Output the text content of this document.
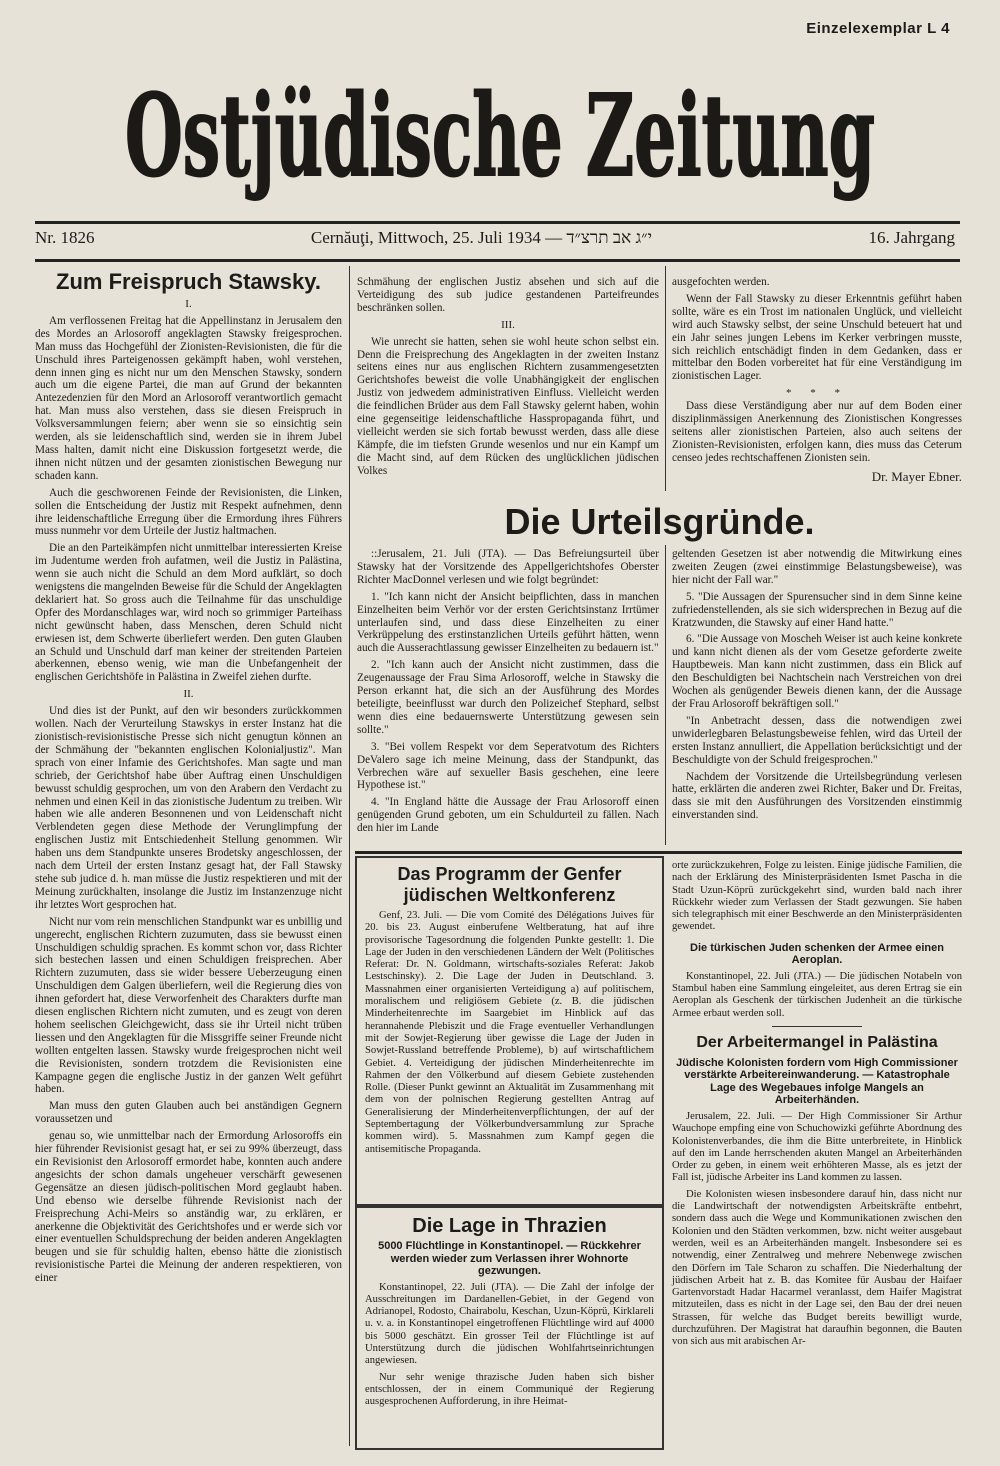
Einzelexemplar L 4
Ostjüdische Zeitung
Nr. 1826	Cernăuţi, Mittwoch, 25. Juli 1934 — י״ג אב תרצ״ד	16. Jahrgang
Zum Freispruch Stawsky.
I.

Am verflossenen Freitag hat die Appellinstanz in Jerusalem den des Mordes an Arlosoroff angeklagten Stawsky freigesprochen. Man muss das Hochgefühl der Zionisten-Revisionisten, die für die Unschuld ihres Parteigenossen gekämpft haben, wohl verstehen, denn innen ging es nicht nur um den Menschen Stawsky, sondern auch um die eigene Partei, die man auf Grund der bekannten Antezedenzien für den Mord an Arlosoroff verantwortlich gemacht hat. Man muss also verstehen, dass sie diesen Freispruch in Volksversammlungen feiern; aber wenn sie so einsichtig sein werden, als sie leidenschaftlich sind, werden sie in ihrem Jubel Mass halten, damit nicht eine Diskussion fortgesetzt werde, die ihnen nicht nützen und der gesamten zionistischen Bewegung nur schaden kann.

Auch die geschworenen Feinde der Revisionisten, die Linken, sollen die Entscheidung der Justiz mit Respekt aufnehmen, denn ihre leidenschaftliche Erregung über die Ermordung ihres Führers muss nunmehr vor dem Urteile der Justiz haltmachen.

Die an den Parteikämpfen nicht unmittelbar interessierten Kreise im Judentume werden froh aufatmen, weil die Justiz in Palästina, wenn sie auch nicht die Schuld an dem Mord aufklärt, so doch wenigstens die mangelnden Beweise für die Schuld der Angeklagten deklariert hat. So gross auch die Teilnahme für das unschuldige Opfer des Mordanschlages war, wird noch so grimmiger Parteihass nicht gewünscht haben, dass Menschen, deren Schuld nicht erwiesen ist, dem Schwerte überliefert werden. Den guten Glauben an Schuld und Unschuld darf man keiner der streitenden Parteien aberkennen, ebenso wenig, wie man die Unbefangenheit der englischen Gerichtshöfe in Palästina in Zweifel ziehen durfte.

II.

Und dies ist der Punkt, auf den wir besonders zurückkommen wollen. Nach der Verurteilung Stawskys in erster Instanz hat die zionistisch-revisionistische Presse sich nicht genugtun können an der Schmähung der "bekannten englischen Kolonialjustiz". Man sprach von einer Infamie des Gerichtshofes. Man sagte und man schrieb, der Gerichtshof habe über Auftrag einen Unschuldigen bewusst schuldig gesprochen, um von den Arabern den Verdacht zu nehmen und einen Keil in das zionistische Judentum zu treiben. Wir haben wie alle anderen Besonnenen und von Leidenschaft nicht Verblendeten gegen diese Methode der Verunglimpfung der englischen Justiz mit Entschiedenheit Stellung genommen. Wir haben uns dem Standpunkte unseres Brodetsky angeschlossen, der nach dem Urteil der ersten Instanz gesagt hat, der Fall Stawsky stehe sub judice d. h. man müsse die Justiz respektieren und mit der Meinung zurückhalten, insolange die Justiz im Instanzenzuge nicht ihr letztes Wort gesprochen hat.

Nicht nur vom rein menschlichen Standpunkt war es unbillig und ungerecht, englischen Richtern zuzumuten, dass sie bewusst einen Unschuldigen schuldig sprachen. Es kommt schon vor, dass Richter sich bestechen lassen und einen Schuldigen freisprechen. Aber Richtern zuzumuten, dass sie wider bessere Ueberzeugung einen Unschuldigen dem Galgen überliefern, weil die Regierung dies von ihnen gefordert hat, diese Verworfenheit des Charakters durfte man diesen englischen Richtern nicht zumuten, und es zeugt von deren hohem seelischen Gleichgewicht, dass sie ihr Urteil nicht trüben liessen und den Angeklagten für die Missgriffe seiner Freunde nicht wollten entgelten lassen. Stawsky wurde freigesprochen nicht weil die Revisionisten, sondern trotzdem die Revisionisten eine Kampagne gegen die englische Justiz in der ganzen Welt geführt haben.

Man muss den guten Glauben auch bei anständigen Gegnern voraussetzen und

genau so, wie unmittelbar nach der Ermordung Arlosoroffs ein hier führender Revisionist gesagt hat, er sei zu 99% überzeugt, dass ein Revisionist den Arlosoroff ermordet habe, konnten auch andere angesichts der schon damals ungeheuer verschärft gewesenen Gegensätze an diesen jüdisch-politischen Mord geglaubt haben. Und ebenso wie derselbe führende Revisionist nach der Freisprechung Achi-Meirs so anständig war, zu erklären, er anerkenne die Objektivität des Gerichtshofes und er werde sich vor einer eventuellen Schuldsprechung der beiden anderen Angeklagten beugen und sie für schuldig halten, ebenso hätte die zionistisch revisionistische Partei die Meinung der anderen respektieren, von einer

Schmähung der englischen Justiz absehen und sich auf die Verteidigung des sub judice gestandenen Parteifreundes beschränken sollen.

III.

Wie unrecht sie hatten, sehen sie wohl heute schon selbst ein. Denn die Freisprechung des Angeklagten in der zweiten Instanz seitens eines nur aus englischen Richtern zusammengesetzten Gerichtshofes beweist die volle Unabhängigkeit der englischen Justiz von jedwedem administrativen Einfluss. Vielleicht werden die feindlichen Brüder aus dem Fall Stawsky gelernt haben, wohin eine gegenseitige leidenschaftliche Hasspropaganda führt, und vielleicht werden sie sich fortab bewusst werden, dass alle diese Kämpfe, die im tiefsten Grunde wesenlos und nur ein Kampf um die Macht sind, auf dem Rücken des unglücklichen jüdischen Volkes

ausgefochten werden.

Wenn der Fall Stawsky zu dieser Erkenntnis geführt haben sollte, wäre es ein Trost im nationalen Unglück, und vielleicht wird auch Stawsky selbst, der seine Unschuld beteuert hat und ein Jahr seines jungen Lebens im Kerker verbringen musste, sich reichlich entschädigt finden in dem Gedanken, dass er mittelbar den Boden vorbereitet hat für eine Verständigung im zionistischen Lager.

* * *

Dass diese Verständigung aber nur auf dem Boden einer disziplinmässigen Anerkennung des Zionistischen Kongresses seitens aller zionistischen Parteien, also auch seitens der Zionisten-Revisionisten, erfolgen kann, dies muss das Ceterum censeo jedes rechtschaffenen Zionisten sein.

Dr. Mayer Ebner.
Die Urteilsgründe.

::Jerusalem, 21. Juli (JTA). — Das Befreiungsurteil über Stawsky hat der Vorsitzende des Appellgerichtshofes Oberster Richter MacDonnel verlesen und wie folgt begründet:

1. "Ich kann nicht der Ansicht beipflichten, dass in manchen Einzelheiten beim Verhör vor der ersten Gerichtsinstanz Irrtümer unterlaufen sind, und dass diese Einzelheiten zu einer Verkrüppelung des erstinstanzlichen Urteils geführt hätten, wenn auch die Ausserachtlassung gewisser Einzelheiten zu bedauern ist."

2. "Ich kann auch der Ansicht nicht zustimmen, dass die Zeugenaussage der Frau Sima Arlosoroff, welche in Stawsky die Person erkannt hat, die sich an der Ausführung des Mordes beteiligte, beeinflusst war durch den Polizeichef Stephard, selbst wenn dies eine bedauernswerte Unterstützung gewesen sein sollte."

3. "Bei vollem Respekt vor dem Seperatvotum des Richters DeValero sage ich meine Meinung, dass der Standpunkt, das Verbrechen wäre auf sexueller Basis geschehen, eine leere Hypothese ist."

4. "In England hätte die Aussage der Frau Arlosoroff einen genügenden Grund geboten, um ein Schuldurteil zu fällen. Nach den hier im Lande

geltenden Gesetzen ist aber notwendig die Mitwirkung eines zweiten Zeugen (zwei einstimmige Belastungsbeweise), was hier nicht der Fall war."

5. "Die Aussagen der Spurensucher sind in dem Sinne keine zufriedenstellenden, als sie sich widersprechen in Bezug auf die Kratzwunden, die Stawsky auf einer Hand hatte."

6. "Die Aussage von Moscheh Weiser ist auch keine konkrete und kann nicht dienen als der vom Gesetze geforderte zweite Hauptbeweis. Man kann nicht zustimmen, dass ein Blick auf den Beschuldigten bei Nachtschein nach Verstreichen von drei Wochen als genügender Beweis dienen kann, der die Aussage der Frau Arlosoroff bekräftigen soll."

"In Anbetracht dessen, dass die notwendigen zwei unwiderlegbaren Belastungsbeweise fehlen, wird das Urteil der ersten Instanz annulliert, die Appellation berücksichtigt und der Beschuldigte von der Schuld freigesprochen."

Nachdem der Vorsitzende die Urteilsbegründung verlesen hatte, erklärten die anderen zwei Richter, Baker und Dr. Freitas, dass sie mit den Ausführungen des Vorsitzenden einstimmig einverstanden sind.

Das Programm der Genfer jüdischen Weltkonferenz

Genf, 23. Juli. — Die vom Comité des Délégations Juives für 20. bis 23. August einberufene Weltberatung, hat auf ihre provisorische Tagesordnung die folgenden Punkte gestellt: 1. Die Lage der Juden in den verschiedenen Ländern der Welt (Politisches Referat: Dr. N. Goldmann, wirtschafts-soziales Referat: Jakob Lestschinsky). 2. Die Lage der Juden in Deutschland. 3. Massnahmen einer organisierten Verteidigung a) auf politischem, moralischem und religiösem Gebiete (z. B. die jüdischen Minderheitenrechte im Saargebiet im Hinblick auf das herannahende Plebiszit und die Frage eventueller Verhandlungen mit der Sowjet-Regierung über gewisse die Lage der Juden in Sowjet-Russland betreffende Probleme), b) auf wirtschaftlichem Gebiet. 4. Verteidigung der jüdischen Minderheitenrechte im Rahmen der den Völkerbund auf diesem Gebiete zustehenden Rolle. (Dieser Punkt gewinnt an Aktualität im Zusammenhang mit dem von der polnischen Regierung gestellten Antrag auf Generalisierung der Minderheitenverpflichtungen, der auf der Septembertagung der Völkerbundversammlung zur Sprache kommen wird). 5. Massnahmen zum Kampf gegen die antisemitische Propaganda.

Die Lage in Thrazien
5000 Flüchtlinge in Konstantinopel. — Rückkehrer werden wieder zum Verlassen ihrer Wohnorte gezwungen.

Konstantinopel, 22. Juli (JTA). — Die Zahl der infolge der Ausschreitungen im Dardanellen-Gebiet, in der Gegend von Adrianopel, Rodosto, Chairabolu, Keschan, Uzun-Köprü, Kirklareli u. v. a. in Konstantinopel eingetroffenen Flüchtlinge wird auf 4000 bis 5000 geschätzt. Ein grosser Teil der Flüchtlinge ist auf Unterstützung durch die jüdischen Wohlfahrtseinrichtungen angewiesen.

Nur sehr wenige thrazische Juden haben sich bisher entschlossen, der in einem Communiqué der Regierung ausgesprochenen Aufforderung, in ihre Heimat-

orte zurückzukehren, Folge zu leisten. Einige jüdische Familien, die nach der Erklärung des Ministerpräsidenten Ismet Pascha in die Stadt Uzun-Köprü zurückgekehrt sind, wurden bald nach ihrer Rückkehr wieder zum Verlassen der Stadt gezwungen. Sie haben sich telegraphisch mit einer Beschwerde an den Ministerpräsidenten gewendet.

Die türkischen Juden schenken der Armee einen Aeroplan.

Konstantinopel, 22. Juli (JTA.) — Die jüdischen Notabeln von Stambul haben eine Sammlung eingeleitet, aus deren Ertrag sie ein Aeroplan als Geschenk der türkischen Judenheit an die türkische Armee erbaut werden soll.

Der Arbeitermangel in Palästina
Jüdische Kolonisten fordern vom High Commissioner verstärkte Arbeitereinwanderung. — Katastrophale Lage des Wegebaues infolge Mangels an Arbeiterhänden.

Jerusalem, 22. Juli. — Der High Commissioner Sir Arthur Wauchope empfing eine von Schuchowizki geführte Abordnung des Kolonistenverbandes, die ihm die Bitte unterbreitete, in Hinblick auf den im Lande herrschenden akuten Mangel an Arbeiterhänden Order zu geben, in einem weit erhöhteren Masse, als es jetzt der Fall ist, jüdische Arbeiter ins Land kommen zu lassen.

Die Kolonisten wiesen insbesondere darauf hin, dass nicht nur die Landwirtschaft der notwendigsten Arbeitskräfte entbehrt, sondern dass auch die Wege und Kommunikationen zwischen den Kolonien und den Städten verkommen, bzw. nicht weiter ausgebaut werden, weil es an Arbeiterhänden mangelt. Insbesondere sei es notwendig, einer Zentralweg und mehrere Nebenwege zwischen den Dörfern im Tale Scharon zu schaffen. Die Niederhaltung der jüdischen Arbeit hat z. B. das Komitee für Ausbau der Haifaer Gartenvorstadt Hadar Hacarmel veranlasst, dem Haifer Magistrat mitzuteilen, dass es nicht in der Lage sei, den Bau der drei neuen Strassen, für welche das Budget bereits bewilligt wurde, durchzuführen. Der Magistrat hat daraufhin begonnen, die Bauten von sich aus mit arabischen Ar-
